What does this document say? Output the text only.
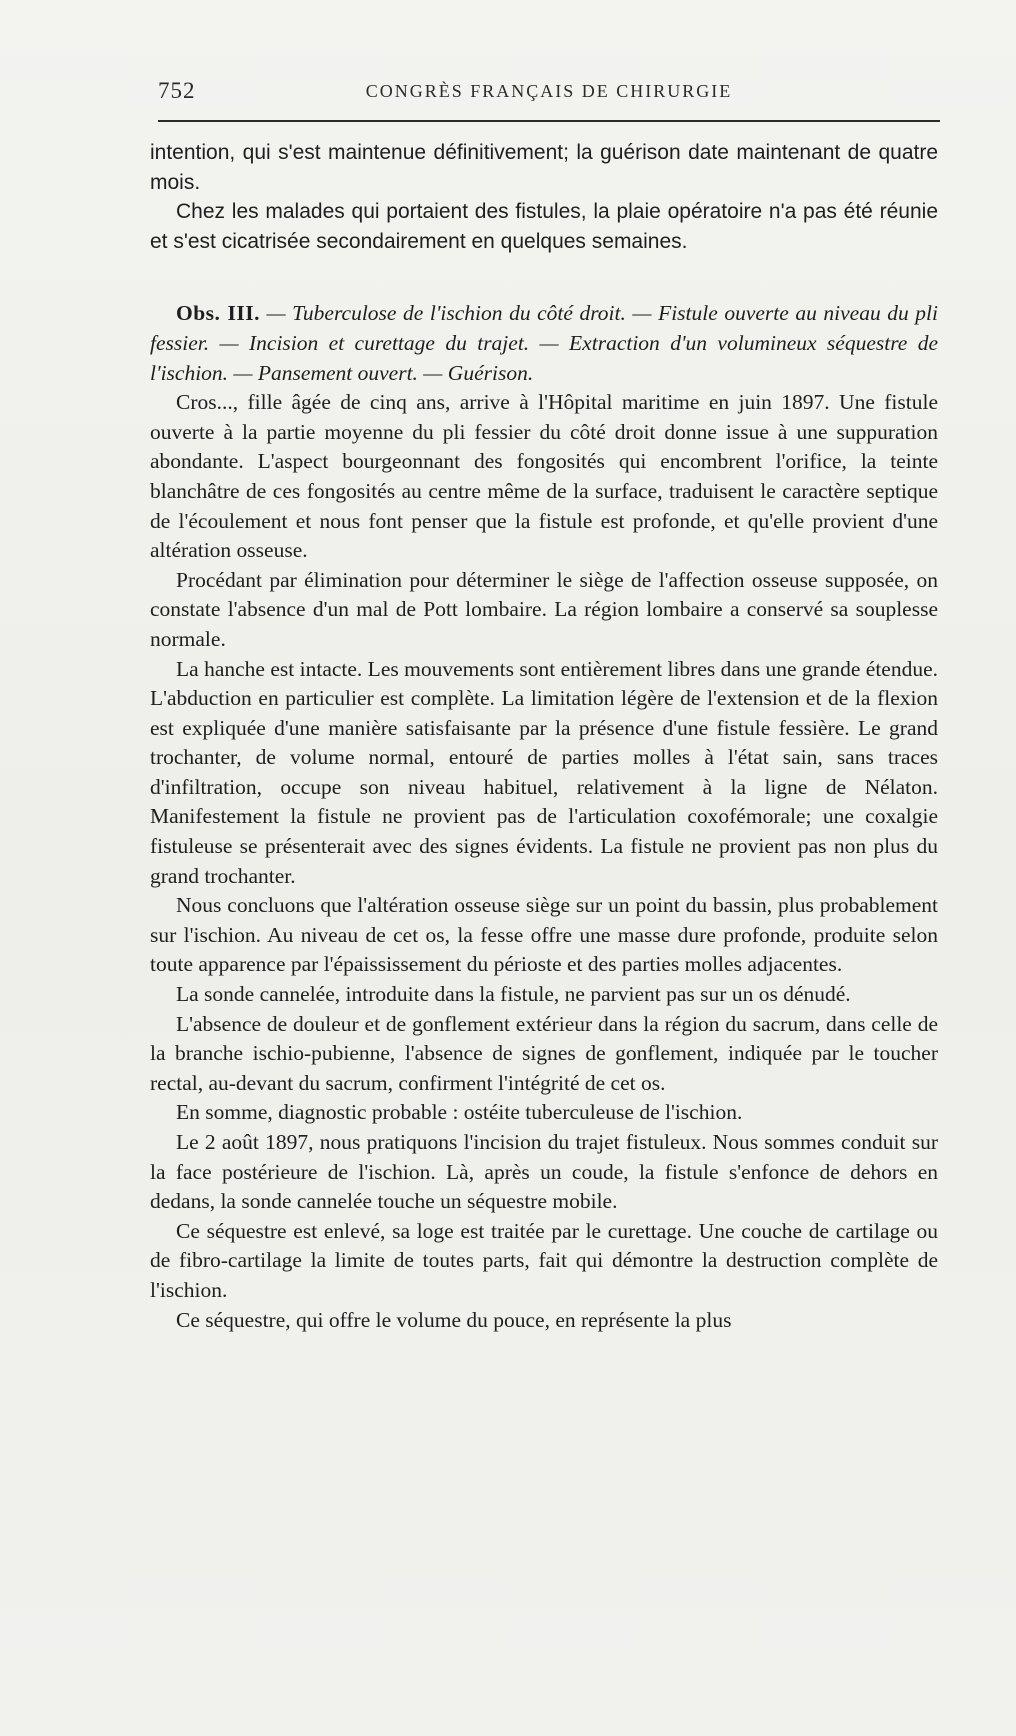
752	CONGRÈS FRANÇAIS DE CHIRURGIE

intention, qui s'est maintenue définitivement; la guérison date maintenant de quatre mois.

Chez les malades qui portaient des fistules, la plaie opératoire n'a pas été réunie et s'est cicatrisée secondairement en quelques semaines.

Obs. III. — Tuberculose de l'ischion du côté droit. — Fistule ouverte au niveau du pli fessier. — Incision et curettage du trajet. — Extraction d'un volumineux séquestre de l'ischion. — Pansement ouvert. — Guérison.

Cros..., fille âgée de cinq ans, arrive à l'Hôpital maritime en juin 1897. Une fistule ouverte à la partie moyenne du pli fessier du côté droit donne issue à une suppuration abondante. L'aspect bourgeonnant des fongosités qui encombrent l'orifice, la teinte blanchâtre de ces fongosités au centre même de la surface, traduisent le caractère septique de l'écoulement et nous font penser que la fistule est profonde, et qu'elle provient d'une altération osseuse.

Procédant par élimination pour déterminer le siège de l'affection osseuse supposée, on constate l'absence d'un mal de Pott lombaire. La région lombaire a conservé sa souplesse normale.

La hanche est intacte. Les mouvements sont entièrement libres dans une grande étendue. L'abduction en particulier est complète. La limitation légère de l'extension et de la flexion est expliquée d'une manière satisfaisante par la présence d'une fistule fessière. Le grand trochanter, de volume normal, entouré de parties molles à l'état sain, sans traces d'infiltration, occupe son niveau habituel, relativement à la ligne de Nélaton. Manifestement la fistule ne provient pas de l'articulation coxofémorale; une coxalgie fistuleuse se présenterait avec des signes évidents. La fistule ne provient pas non plus du grand trochanter.

Nous concluons que l'altération osseuse siège sur un point du bassin, plus probablement sur l'ischion. Au niveau de cet os, la fesse offre une masse dure profonde, produite selon toute apparence par l'épaississement du périoste et des parties molles adjacentes.

La sonde cannelée, introduite dans la fistule, ne parvient pas sur un os dénudé.

L'absence de douleur et de gonflement extérieur dans la région du sacrum, dans celle de la branche ischio-pubienne, l'absence de signes de gonflement, indiquée par le toucher rectal, au-devant du sacrum, confirment l'intégrité de cet os.

En somme, diagnostic probable : ostéite tuberculeuse de l'ischion.

Le 2 août 1897, nous pratiquons l'incision du trajet fistuleux. Nous sommes conduit sur la face postérieure de l'ischion. Là, après un coude, la fistule s'enfonce de dehors en dedans, la sonde cannelée touche un séquestre mobile.

Ce séquestre est enlevé, sa loge est traitée par le curettage. Une couche de cartilage ou de fibro-cartilage la limite de toutes parts, fait qui démontre la destruction complète de l'ischion.

Ce séquestre, qui offre le volume du pouce, en représente la plus
